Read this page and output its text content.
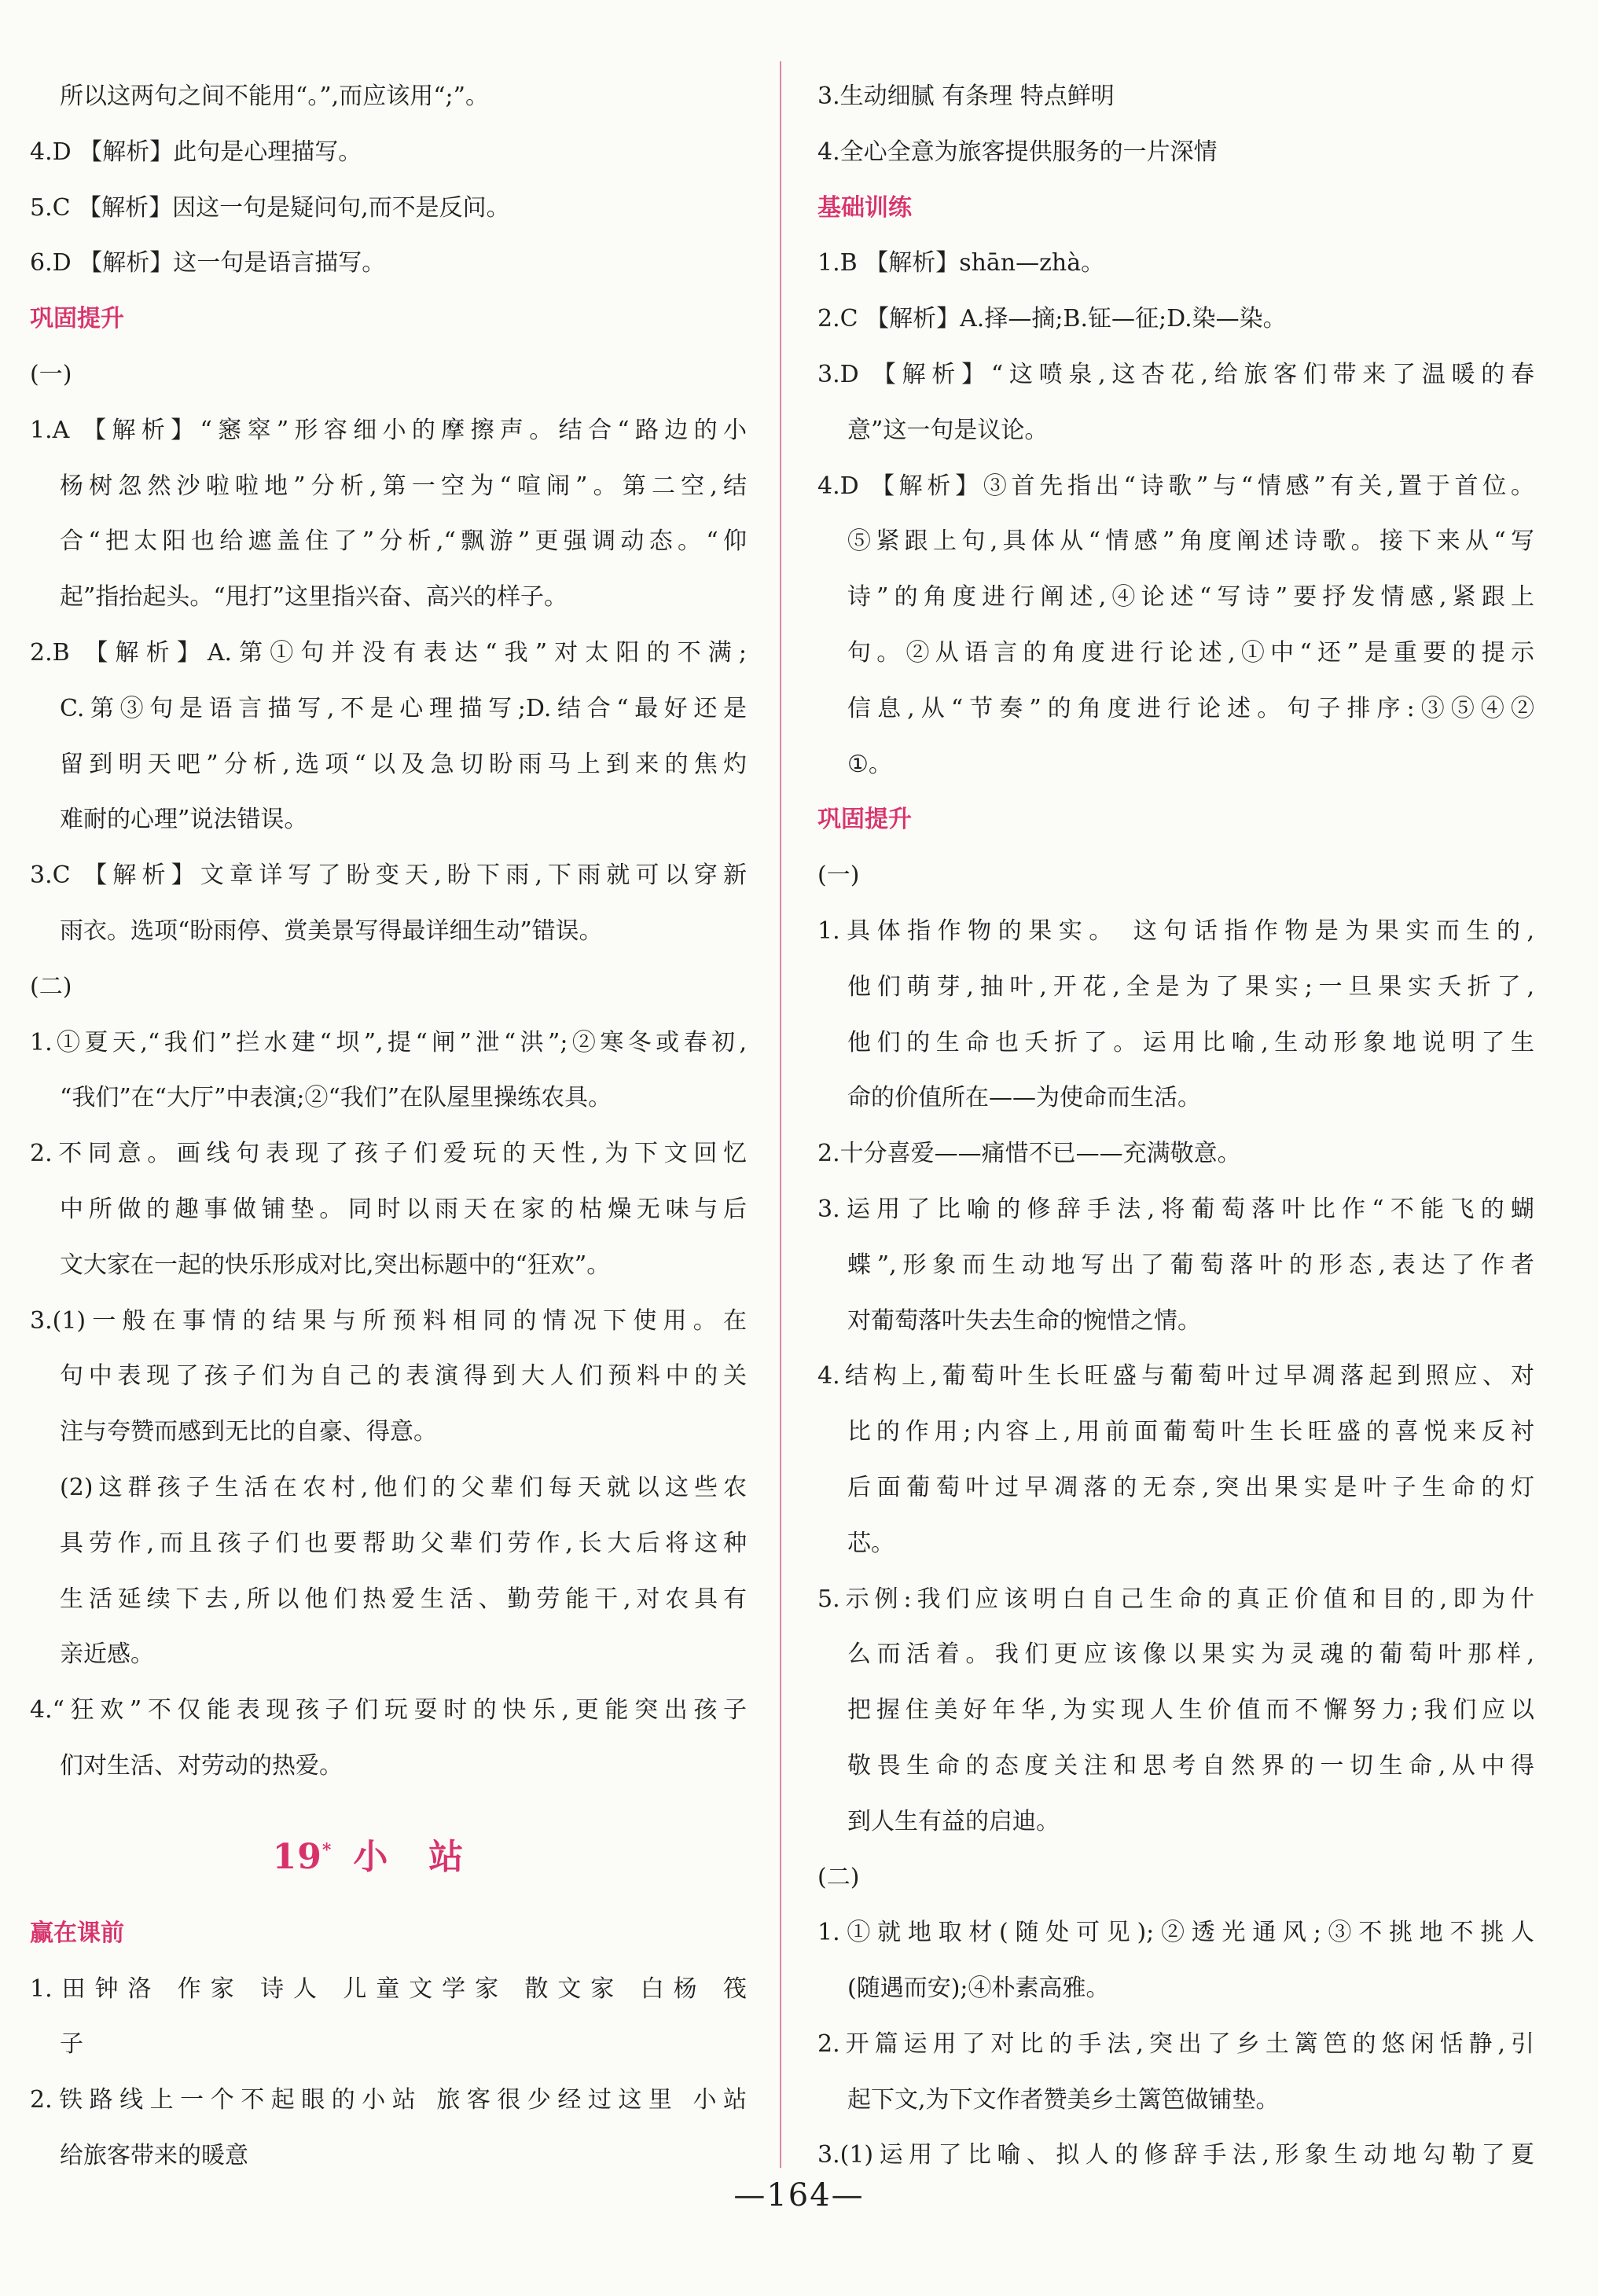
所以这两句之间不能用“。”,而应该用“;”。
4.D 【解析】此句是心理描写。
5.C 【解析】因这一句是疑问句,而不是反问。
6.D 【解析】这一句是语言描写。
巩固提升
(一)
1.A 【解析】“窸窣”形容细小的摩擦声。结合“路边的小
杨树忽然沙啦啦地”分析,第一空为“喧闹”。第二空,结
合“把太阳也给遮盖住了”分析,“飘游”更强调动态。“仰
起”指抬起头。“甩打”这里指兴奋、高兴的样子。
2.B 【解析】A.第①句并没有表达“我”对太阳的不满;
C.第③句是语言描写,不是心理描写;D.结合“最好还是
留到明天吧”分析,选项“以及急切盼雨马上到来的焦灼
难耐的心理”说法错误。
3.C 【解析】文章详写了盼变天,盼下雨,下雨就可以穿新
雨衣。选项“盼雨停、赏美景写得最详细生动”错误。
(二)
1.①夏天,“我们”拦水建“坝”,提“闸”泄“洪”;②寒冬或春初,
“我们”在“大厅”中表演;②“我们”在队屋里操练农具。
2.不同意。画线句表现了孩子们爱玩的天性,为下文回忆
中所做的趣事做铺垫。同时以雨天在家的枯燥无味与后
文大家在一起的快乐形成对比,突出标题中的“狂欢”。
3.(1)一般在事情的结果与所预料相同的情况下使用。在
句中表现了孩子们为自己的表演得到大人们预料中的关
注与夸赞而感到无比的自豪、得意。
(2)这群孩子生活在农村,他们的父辈们每天就以这些农
具劳作,而且孩子们也要帮助父辈们劳作,长大后将这种
生活延续下去,所以他们热爱生活、勤劳能干,对农具有
亲近感。
4.“狂欢”不仅能表现孩子们玩耍时的快乐,更能突出孩子
们对生活、对劳动的热爱。
19* 小站
赢在课前
1.田钟洛 作家 诗人 儿童文学家 散文家 白杨 筏
子
2.铁路线上一个不起眼的小站 旅客很少经过这里 小站
给旅客带来的暖意
3.生动细腻 有条理 特点鲜明
4.全心全意为旅客提供服务的一片深情
基础训练
1.B 【解析】shān—zhà。
2.C 【解析】A.择—摘;B.钲—征;D.染—染。
3.D 【解析】“这喷泉,这杏花,给旅客们带来了温暖的春
意”这一句是议论。
4.D 【解析】③首先指出“诗歌”与“情感”有关,置于首位。
⑤紧跟上句,具体从“情感”角度阐述诗歌。接下来从“写
诗”的角度进行阐述,④论述“写诗”要抒发情感,紧跟上
句。②从语言的角度进行论述,①中“还”是重要的提示
信息,从“节奏”的角度进行论述。句子排序:③⑤④②
①。
巩固提升
(一)
1.具体指作物的果实。 这句话指作物是为果实而生的,
他们萌芽,抽叶,开花,全是为了果实;一旦果实夭折了,
他们的生命也夭折了。运用比喻,生动形象地说明了生
命的价值所在——为使命而生活。
2.十分喜爱——痛惜不已——充满敬意。
3.运用了比喻的修辞手法,将葡萄落叶比作“不能飞的蝴
蝶”,形象而生动地写出了葡萄落叶的形态,表达了作者
对葡萄落叶失去生命的惋惜之情。
4.结构上,葡萄叶生长旺盛与葡萄叶过早凋落起到照应、对
比的作用;内容上,用前面葡萄叶生长旺盛的喜悦来反衬
后面葡萄叶过早凋落的无奈,突出果实是叶子生命的灯
芯。
5.示例:我们应该明白自己生命的真正价值和目的,即为什
么而活着。我们更应该像以果实为灵魂的葡萄叶那样,
把握住美好年华,为实现人生价值而不懈努力;我们应以
敬畏生命的态度关注和思考自然界的一切生命,从中得
到人生有益的启迪。
(二)
1.①就地取材(随处可见);②透光通风;③不挑地不挑人
(随遇而安);④朴素高雅。
2.开篇运用了对比的手法,突出了乡土篱笆的悠闲恬静,引
起下文,为下文作者赞美乡土篱笆做铺垫。
3.(1)运用了比喻、拟人的修辞手法,形象生动地勾勒了夏
—164—
